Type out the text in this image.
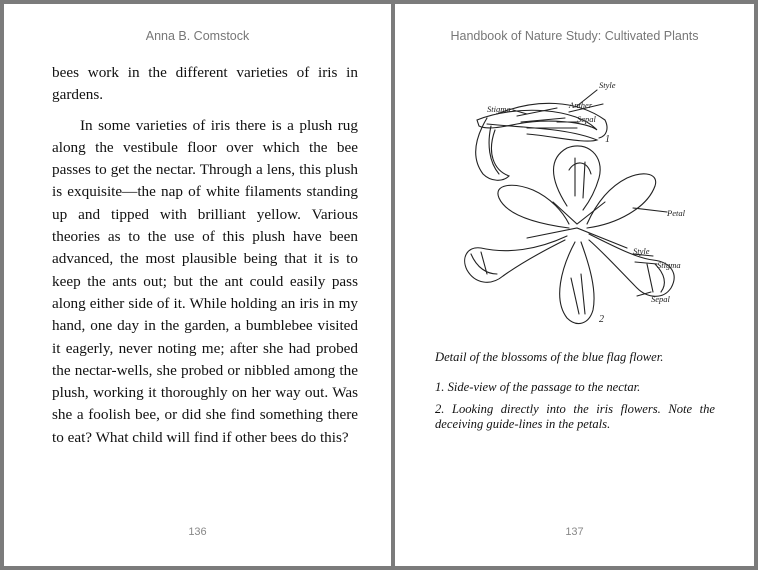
Anna B. Comstock

bees work in the different varieties of iris in gardens.

In some varieties of iris there is a plush rug along the vestibule floor over which the bee passes to get the nectar. Through a lens, this plush is exquisite—the nap of white filaments standing up and tipped with brilliant yellow. Various theories as to the use of this plush have been advanced, the most plausible being that it is to keep the ants out; but the ant could easily pass along either side of it. While holding an iris in my hand, one day in the garden, a bumblebee visited it eagerly, never noting me; after she had probed the nectar-wells, she probed or nibbled among the plush, working it thoroughly on her way out. Was she a foolish bee, or did she find something there to eat? What child will find if other bees do this?

136
Handbook of Nature Study: Cultivated Plants
Style
Stigma	Anther
Sepal
1
Petal
Style
Stigma
Sepal
2
Detail of the blossoms of the blue flag flower.
1. Side-view of the passage to the nectar.
2. Looking directly into the iris flowers. Note the deceiving guide-lines in the petals.
137
